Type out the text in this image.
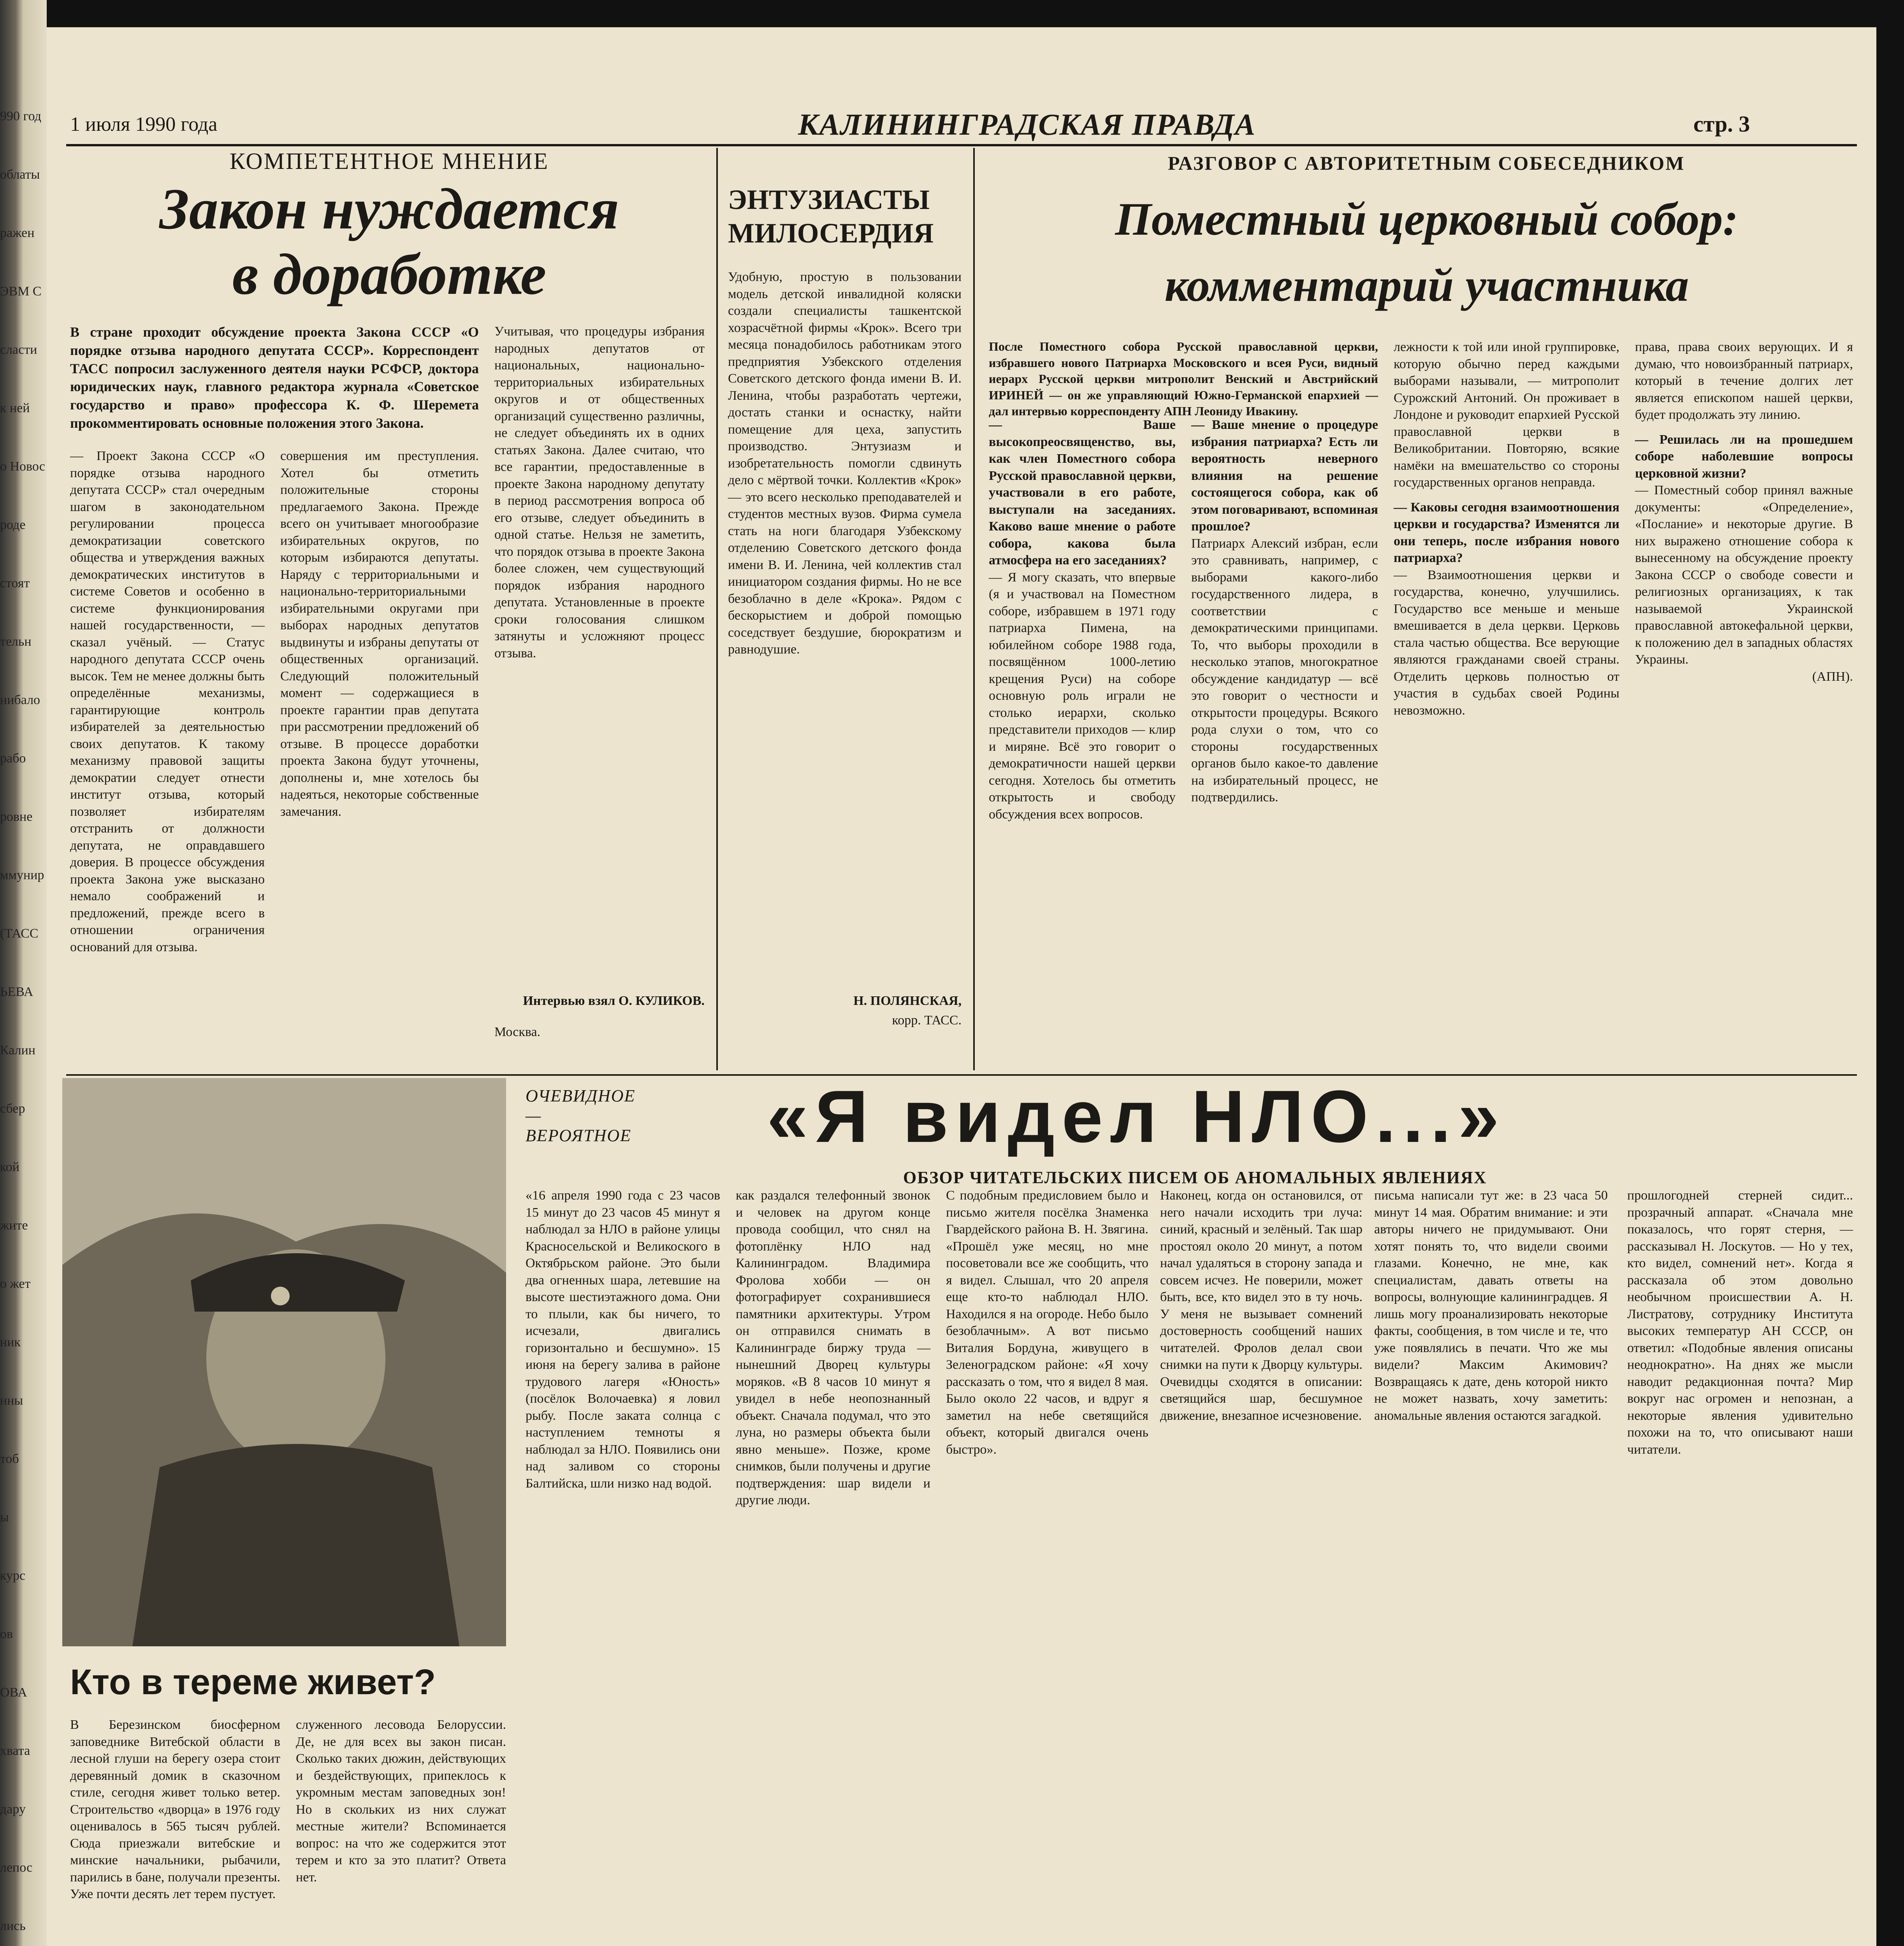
990 год
облаты
ражен
ЭВМ С
сласти
к ней
о Новос
роде
стоят
тельн
нибало
рабо
ровне
ммунир
(ТАСС
ЬЕВА
Калин
сбер
кой
жите
о жет
ник
нны
тоб
ы
курс
ов
ОВА
хвата
дару
лепос
лись
1 июля 1990 года	КАЛИНИНГРАДСКАЯ ПРАВДА	стр. 3
КОМПЕТЕНТНОЕ МНЕНИЕ
Закон нуждается
в доработке
В стране проходит обсуждение проекта Закона СССР «О порядке отзыва народного депутата СССР». Корреспондент ТАСС попросил заслуженного деятеля науки РСФСР, доктора юридических наук, главного редактора журнала «Советское государство и право» профессора К. Ф. Шеремета прокомментировать основные положения этого Закона.
— Проект Закона СССР «О порядке отзыва народного депутата СССР» стал очередным шагом в законодательном регулировании процесса демократизации советского общества и утверждения важных демократических институтов в системе Советов и особенно в системе функционирования нашей государственности, — сказал учёный. — Статус народного депутата СССР очень высок. Тем не менее должны быть определённые механизмы, гарантирующие контроль избирателей за деятельностью своих депутатов. К такому механизму правовой защиты демократии следует отнести институт отзыва, который позволяет избирателям отстранить от должности депутата, не оправдавшего доверия. В процессе обсуждения проекта Закона уже высказано немало соображений и предложений, прежде всего в отношении ограничения оснований для отзыва.
совершения им преступления. Хотел бы отметить положительные стороны предлагаемого Закона. Прежде всего он учитывает многообразие избирательных округов, по которым избираются депутаты. Наряду с территориальными и национально-территориальными избирательными округами при выборах народных депутатов выдвинуты и избраны депутаты от общественных организаций. Следующий положительный момент — содержащиеся в проекте гарантии прав депутата при рассмотрении предложений об отзыве. В процессе доработки проекта Закона будут уточнены, дополнены и, мне хотелось бы надеяться, некоторые собственные замечания.
Учитывая, что процедуры избрания народных депутатов от национальных, национально-территориальных избирательных округов и от общественных организаций существенно различны, не следует объединять их в одних статьях Закона. Далее считаю, что все гарантии, предоставленные в проекте Закона народному депутату в период рассмотрения вопроса об его отзыве, следует объединить в одной статье. Нельзя не заметить, что порядок отзыва в проекте Закона более сложен, чем существующий порядок избрания народного депутата. Установленные в проекте сроки голосования слишком затянуты и усложняют процесс отзыва.
Интервью взял О. КУЛИКОВ.
Москва.
ЭНТУЗИАСТЫ
МИЛОСЕРДИЯ
Удобную, простую в пользовании модель детской инвалидной коляски создали специалисты ташкентской хозрасчётной фирмы «Крок». Всего три месяца понадобилось работникам этого предприятия Узбекского отделения Советского детского фонда имени В. И. Ленина, чтобы разработать чертежи, достать станки и оснастку, найти помещение для цеха, запустить производство. Энтузиазм и изобретательность помогли сдвинуть дело с мёртвой точки. Коллектив «Крок» — это всего несколько преподавателей и студентов местных вузов. Фирма сумела стать на ноги благодаря Узбекскому отделению Советского детского фонда имени В. И. Ленина, чей коллектив стал инициатором создания фирмы. Но не все безоблачно в деле «Крока». Рядом с бескорыстием и доброй помощью соседствует бездушие, бюрократизм и равнодушие.
Н. ПОЛЯНСКАЯ,
корр. ТАСС.
РАЗГОВОР С АВТОРИТЕТНЫМ СОБЕСЕДНИКОМ
Поместный церковный собор:
комментарий участника
После Поместного собора Русской православной церкви, избравшего нового Патриарха Московского и всея Руси, видный иерарх Русской церкви митрополит Венский и Австрийский ИРИНЕЙ — он же управляющий Южно-Германской епархией — дал интервью корреспонденту АПН Леониду Ивакину.
— Ваше высокопреосвященство, вы, как член Поместного собора Русской православной церкви, участвовали в его работе, выступали на заседаниях. Каково ваше мнение о работе собора, какова была атмосфера на его заседаниях?
— Я могу сказать, что впервые (я и участвовал на Поместном соборе, избравшем в 1971 году патриарха Пимена, на юбилейном соборе 1988 года, посвящённом 1000-летию крещения Руси) на соборе основную роль играли не столько иерархи, сколько представители приходов — клир и миряне. Всё это говорит о демократичности нашей церкви сегодня. Хотелось бы отметить открытость и свободу обсуждения всех вопросов.
— Ваше мнение о процедуре избрания патриарха? Есть ли вероятность неверного влияния на решение состоящегося собора, как об этом поговаривают, вспоминая прошлое?
Патриарх Алексий избран, если это сравнивать, например, с выборами какого-либо государственного лидера, в соответствии с демократическими принципами. То, что выборы проходили в несколько этапов, многократное обсуждение кандидатур — всё это говорит о честности и открытости процедуры. Всякого рода слухи о том, что со стороны государственных органов было какое-то давление на избирательный процесс, не подтвердились.
лежности к той или иной группировке, которую обычно перед каждыми выборами называли, — митрополит Сурожский Антоний. Он проживает в Лондоне и руководит епархией Русской православной церкви в Великобритании. Повторяю, всякие намёки на вмешательство со стороны государственных органов неправда.
— Каковы сегодня взаимоотношения церкви и государства? Изменятся ли они теперь, после избрания нового патриарха?
— Взаимоотношения церкви и государства, конечно, улучшились. Государство все меньше и меньше вмешивается в дела церкви. Церковь стала частью общества. Все верующие являются гражданами своей страны. Отделить церковь полностью от участия в судьбах своей Родины невозможно.
права, права своих верующих. И я думаю, что новоизбранный патриарх, который в течение долгих лет является епископом нашей церкви, будет продолжать эту линию.
— Решилась ли на прошедшем соборе наболевшие вопросы церковной жизни?
— Поместный собор принял важные документы: «Определение», «Послание» и некоторые другие. В них выражено отношение собора к вынесенному на обсуждение проекту Закона СССР о свободе совести и религиозных организациях, к так называемой Украинской православной автокефальной церкви, к положению дел в западных областях Украины.
(АПН).
ОЧЕВИДНОЕ—
ВЕРОЯТНОЕ «Я видел НЛО...»
ОБЗОР ЧИТАТЕЛЬСКИХ ПИСЕМ ОБ АНОМАЛЬНЫХ ЯВЛЕНИЯХ
«16 апреля 1990 года с 23 часов 15 минут до 23 часов 45 минут я наблюдал за НЛО в районе улицы Красносельской и Великоского в Октябрьском районе. Это были два огненных шара, летевшие на высоте шестиэтажного дома. Они то плыли, как бы ничего, то исчезали, двигались горизонтально и бесшумно». 15 июня на берегу залива в районе трудового лагеря «Юность» (посёлок Волочаевка) я ловил рыбу. После заката солнца с наступлением темноты я наблюдал за НЛО. Появились они над заливом со стороны Балтийска, шли низко над водой.
как раздался телефонный звонок и человек на другом конце провода сообщил, что снял на фотоплёнку НЛО над Калининградом. Владимира Фролова хобби — он фотографирует сохранившиеся памятники архитектуры. Утром он отправился снимать в Калининграде биржу труда — нынешний Дворец культуры моряков. «В 8 часов 10 минут я увидел в небе неопознанный объект. Сначала подумал, что это луна, но размеры объекта были явно меньше». Позже, кроме снимков, были получены и другие подтверждения: шар видели и другие люди.
С подобным предисловием было и письмо жителя посёлка Знаменка Гвардейского района В. Н. Звягина. «Прошёл уже месяц, но мне посоветовали все же сообщить, что я видел. Слышал, что 20 апреля еще кто-то наблюдал НЛО. Находился я на огороде. Небо было безоблачным». А вот письмо Виталия Бордуна, живущего в Зеленоградском районе: «Я хочу рассказать о том, что я видел 8 мая. Было около 22 часов, и вдруг я заметил на небе светящийся объект, который двигался очень быстро».
Наконец, когда он остановился, от него начали исходить три луча: синий, красный и зелёный. Так шар простоял около 20 минут, а потом начал удаляться в сторону запада и совсем исчез. Не поверили, может быть, все, кто видел это в ту ночь. У меня не вызывает сомнений достоверность сообщений наших читателей. Фролов делал свои снимки на пути к Дворцу культуры. Очевидцы сходятся в описании: светящийся шар, бесшумное движение, внезапное исчезновение.
письма написали тут же: в 23 часа 50 минут 14 мая. Обратим внимание: и эти авторы ничего не придумывают. Они хотят понять то, что видели своими глазами. Конечно, не мне, как специалистам, давать ответы на вопросы, волнующие калининградцев. Я лишь могу проанализировать некоторые факты, сообщения, в том числе и те, что уже появлялись в печати. Что же мы видели? Максим Акимович? Возвращаясь к дате, день которой никто не может назвать, хочу заметить: аномальные явления остаются загадкой.
прошлогодней стерней сидит... прозрачный аппарат. «Сначала мне показалось, что горят стерня, — рассказывал Н. Лоскутов. — Но у тех, кто видел, сомнений нет». Когда я рассказала об этом довольно необычном происшествии А. Н. Листратову, сотруднику Института высоких температур АН СССР, он ответил: «Подобные явления описаны неоднократно». На днях же мысли наводит редакционная почта? Мир вокруг нас огромен и непознан, а некоторые явления удивительно похожи на то, что описывают наши читатели.
Кто в тереме живет?
В Березинском биосферном заповеднике Витебской области в лесной глуши на берегу озера стоит деревянный домик в сказочном стиле, сегодня живет только ветер. Строительство «дворца» в 1976 году оценивалось в 565 тысяч рублей. Сюда приезжали витебские и минские начальники, рыбачили, парились в бане, получали презенты. Уже почти десять лет терем пустует.
служенного лесовода Белоруссии. Де, не для всех вы закон писан. Сколько таких дюжин, действующих и бездействующих, припеклось к укромным местам заповедных зон! Но в скольких из них служат местные жители? Вспоминается вопрос: на что же содержится этот терем и кто за это платит? Ответа нет.
